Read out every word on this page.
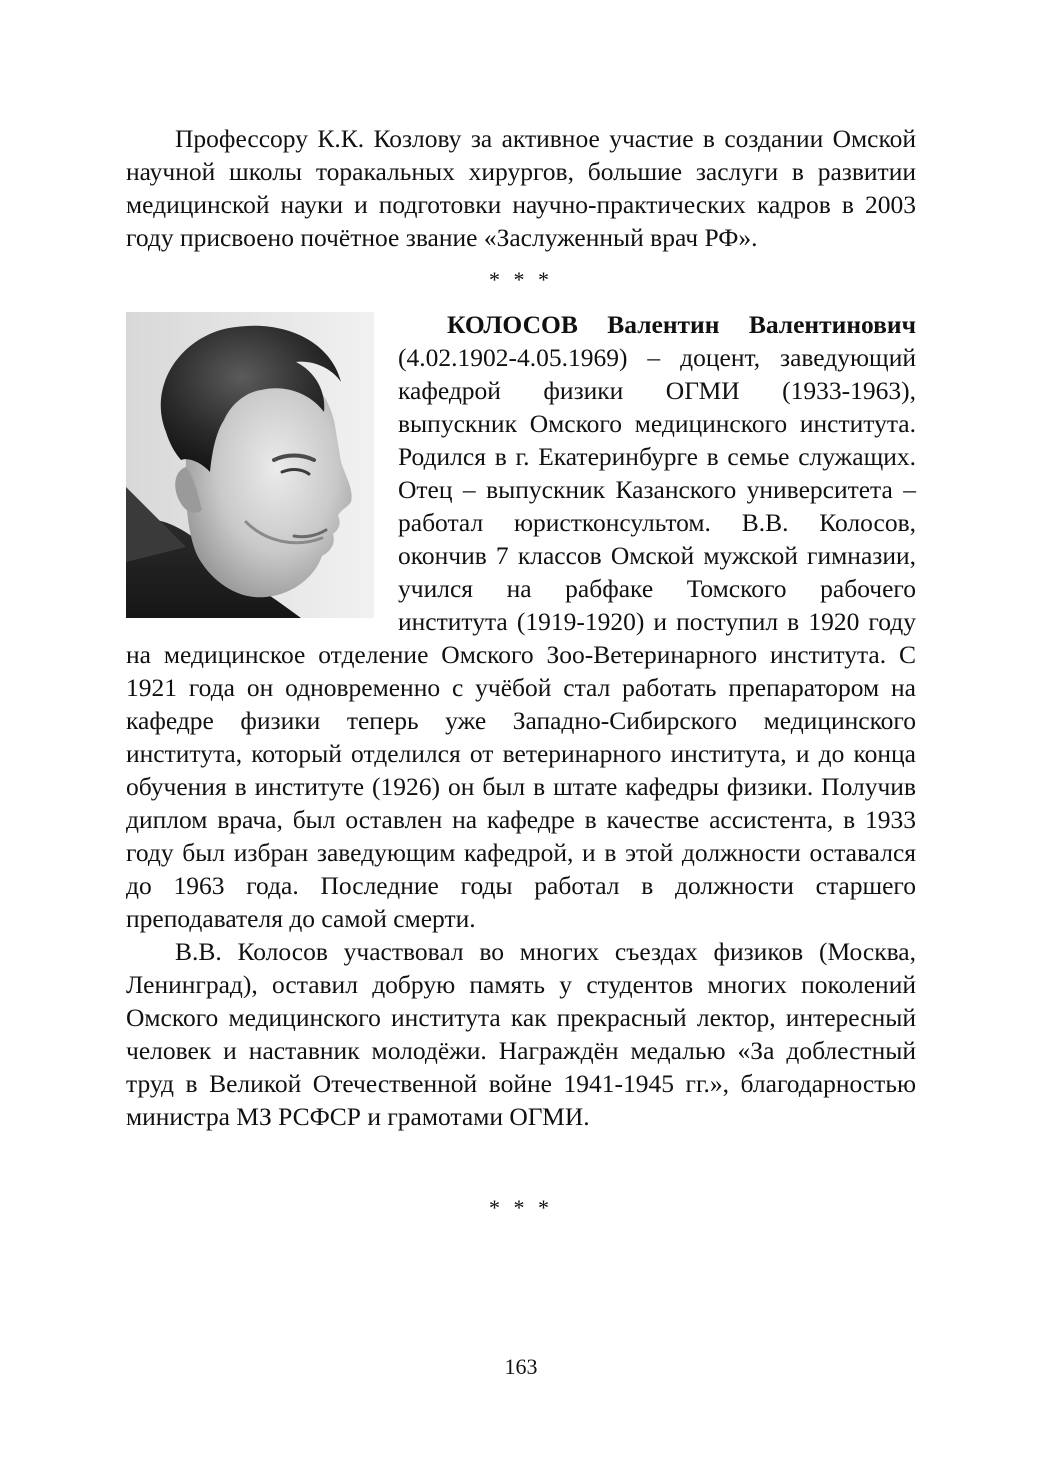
Профессору К.К. Козлову за активное участие в создании Омской научной школы торакальных хирургов, большие заслуги в развитии медицинской науки и подготовки научно-практических кадров в 2003 году присвоено почётное звание «Заслуженный врач РФ».

* * *

КОЛОСОВ Валентин Валентинович (4.02.1902-4.05.1969) – доцент, заведующий кафедрой физики ОГМИ (1933-1963), выпускник Омского медицинского института. Родился в г. Екатеринбурге в семье служащих. Отец – выпускник Казанского университета – работал юристконсультом. В.В. Колосов, окончив 7 классов Омской мужской гимназии, учился на рабфаке Томского рабочего института (1919-1920) и поступил в 1920 году на медицинское отделение Омского Зоо-Ветеринарного института. С 1921 года он одновременно с учёбой стал работать препаратором на кафедре физики теперь уже Западно-Сибирского медицинского института, который отделился от ветеринарного института, и до конца обучения в институте (1926) он был в штате кафедры физики. Получив диплом врача, был оставлен на кафедре в качестве ассистента, в 1933 году был избран заведующим кафедрой, и в этой должности оставался до 1963 года. Последние годы работал в должности старшего преподавателя до самой смерти.

В.В. Колосов участвовал во многих съездах физиков (Москва, Ленинград), оставил добрую память у студентов многих поколений Омского медицинского института как прекрасный лектор, интересный человек и наставник молодёжи. Награждён медалью «За доблестный труд в Великой Отечественной войне 1941-1945 гг.», благодарностью министра МЗ РСФСР и грамотами ОГМИ.

* * *
163
